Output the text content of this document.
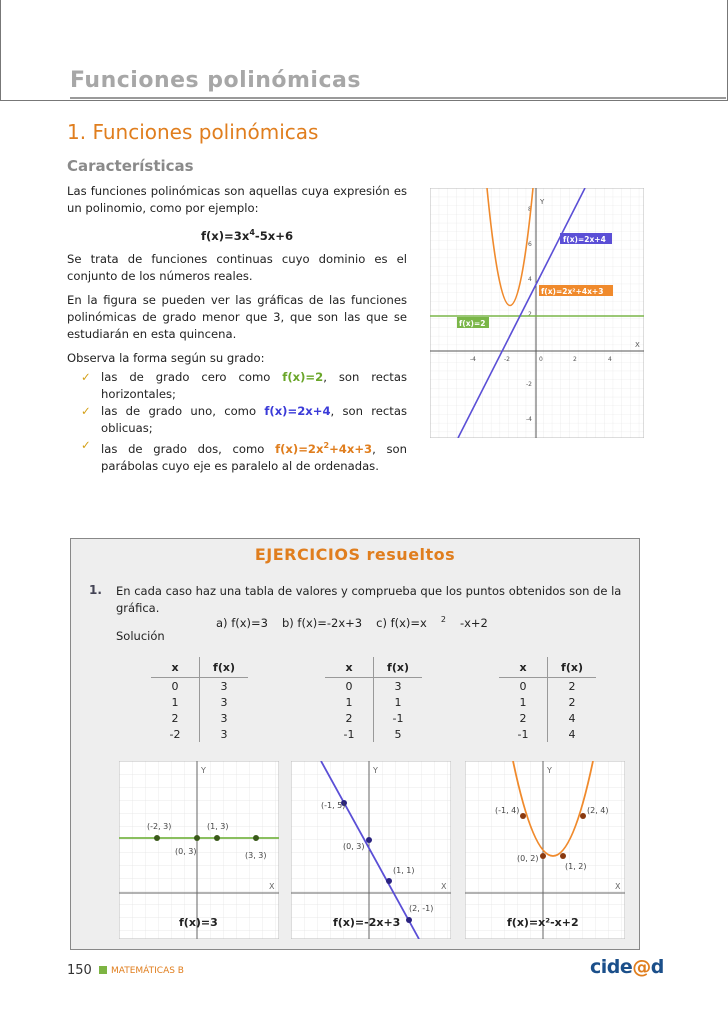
Funciones polinómicas
1. Funciones polinómicas
Características

Las funciones polinómicas son aquellas cuya expresión es un polinomio, como por ejemplo:

$f(x)=3x^4-5x+6$

Se trata de funciones continuas cuyo dominio es el conjunto de los números reales.

En la figura se pueden ver las gráficas de las funciones polinómicas de grado menor que 3, que son las que se estudiarán en esta quincena.

Observa la forma según su grado:

✓ las de grado cero como f(x)=2, son rectas horizontales;
✓ las de grado uno, como f(x)=2x+4, son rectas oblicuas;
✓ las de grado dos, como $f(x)=2x^2+4x+3$, son parábolas cuyo eje es paralelo al de ordenadas.
Y
X
-4	-2	0	2	4
8
6
4
2
-2
-4
f(x)=2x+4
f(x)=2x²+4x+3
f(x)=2
EJERCICIOS resueltos
1. En cada caso haz una tabla de valores y comprueba que los puntos obtenidos son de la gráfica.
a) f(x)=3 b) f(x)=-2x+3 c) f(x)=x $^2$ -x+2
Solución
x	f(x)
0	3
1	3
2	3
-2	3
x	f(x)
0	3
1	1
2	-1
-1	5
x	f(x)
0	2
1	2
2	4
-1	4
Y
X
(-2, 3)	(1, 3)
(0, 3)	(3, 3)
f(x)=3
Y
X
(-1, 5)
(0, 3)
(1, 1)
(2, -1)
f(x)=-2x+3
Y
X
(-1, 4)	(2, 4)
(0, 2)
(1, 2)
f(x)=x²-x+2
150 MATEMÁTICAS B	cide@d
